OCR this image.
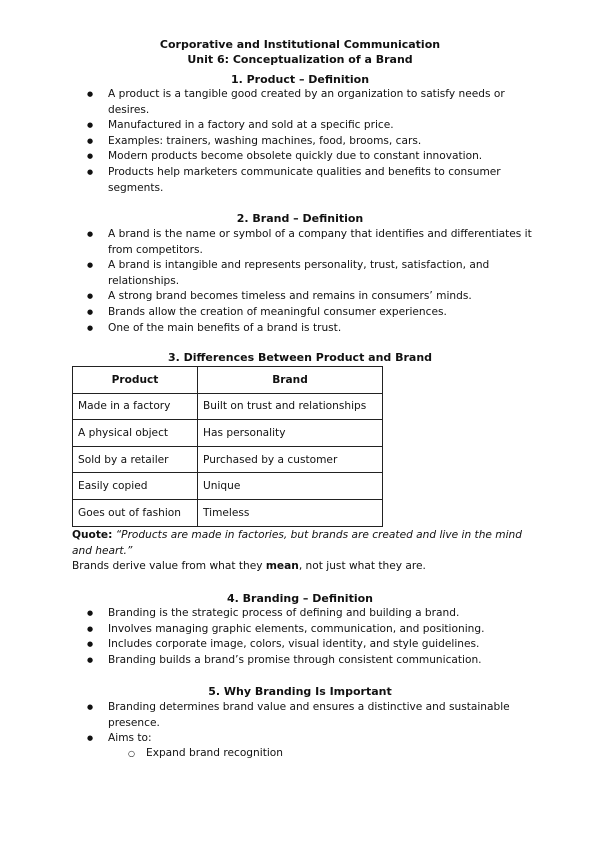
Corporative and Institutional Communication

Unit 6: Conceptualization of a Brand

1. Product – Definition

● A product is a tangible good created by an organization to satisfy needs or desires.
● Manufactured in a factory and sold at a specific price.
● Examples: trainers, washing machines, food, brooms, cars.
● Modern products become obsolete quickly due to constant innovation.
● Products help marketers communicate qualities and benefits to consumer segments.

2. Brand – Definition

● A brand is the name or symbol of a company that identifies and differentiates it from competitors.
● A brand is intangible and represents personality, trust, satisfaction, and relationships.
● A strong brand becomes timeless and remains in consumers’ minds.
● Brands allow the creation of meaningful consumer experiences.
● One of the main benefits of a brand is trust.

3. Differences Between Product and Brand

Product	Brand
Made in a factory	Built on trust and relationships
A physical object	Has personality
Sold by a retailer	Purchased by a customer
Easily copied	Unique
Goes out of fashion	Timeless

Quote: “Products are made in factories, but brands are created and live in the mind and heart.”

Brands derive value from what they mean, not just what they are.

4. Branding – Definition

● Branding is the strategic process of defining and building a brand.
● Involves managing graphic elements, communication, and positioning.
● Includes corporate image, colors, visual identity, and style guidelines.
● Branding builds a brand’s promise through consistent communication.

5. Why Branding Is Important

● Branding determines brand value and ensures a distinctive and sustainable presence.
● Aims to:
○ Expand brand recognition
